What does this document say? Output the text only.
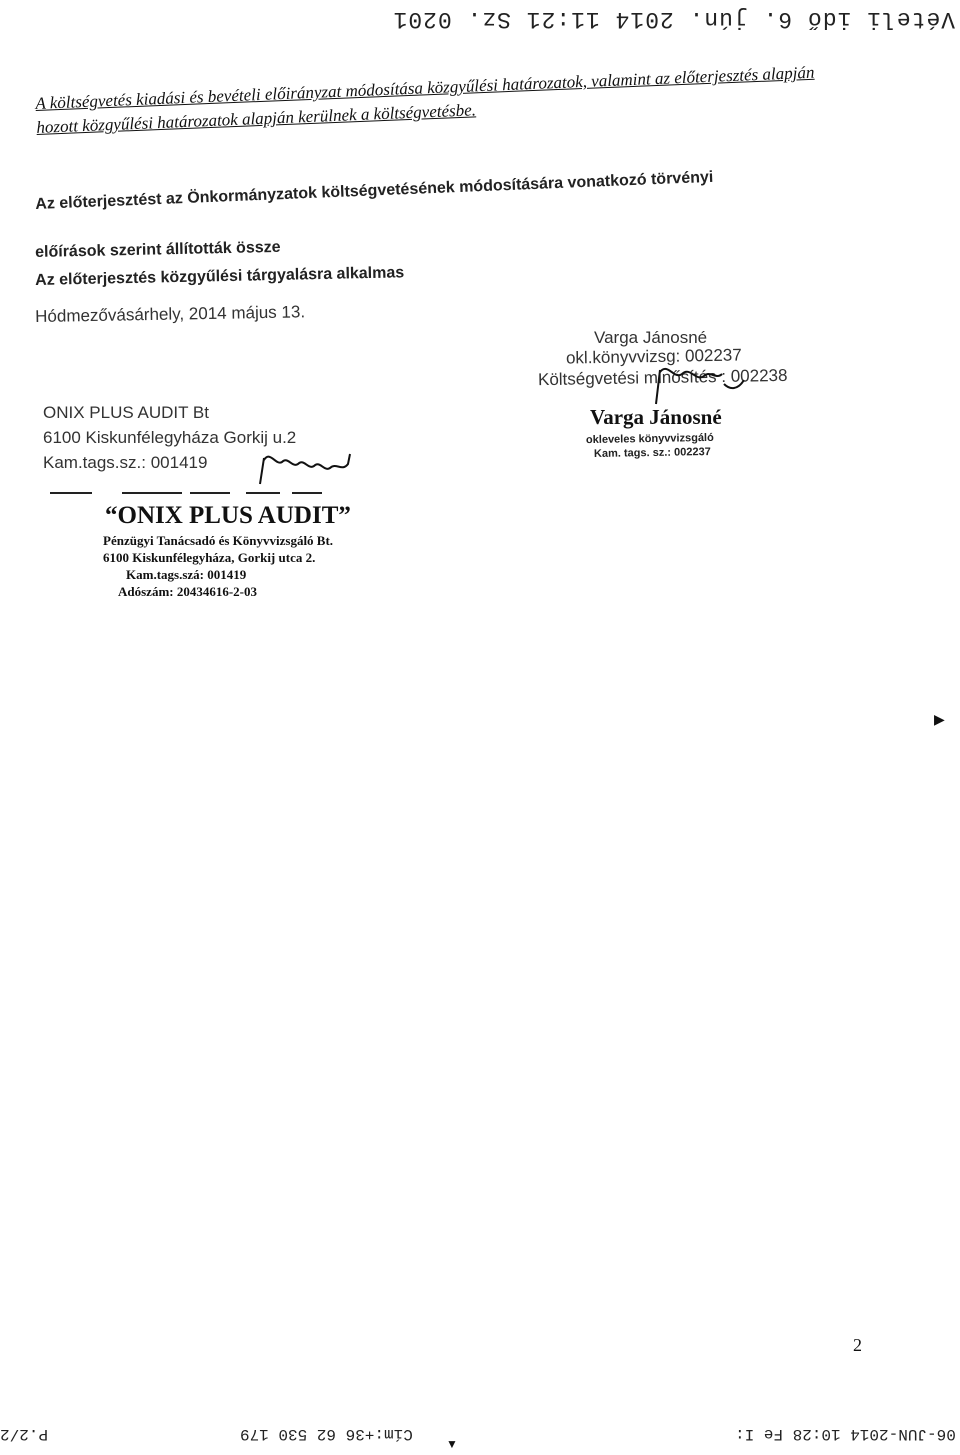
Vételi idő 6. jún. 2014 11:21 Sz. 0201
A költségvetés kiadási és bevételi előirányzat módosítása közgyűlési határozatok, valamint az előterjesztés alapján hozott közgyűlési határozatok alapján kerülnek a költségvetésbe.
Az előterjesztést az Önkormányzatok költségvetésének módosítására vonatkozó törvényi
előírások szerint állították össze
Az előterjesztés közgyűlési tárgyalásra alkalmas
Hódmezővásárhely, 2014 május 13.
ONIX PLUS AUDIT Bt
6100 Kiskunfélegyháza Gorkij u.2
Kam.tags.sz.: 001419
“ONIX PLUS AUDIT”
Pénzügyi Tanácsadó és Könyvvizsgáló Bt.
6100 Kiskunfélegyháza, Gorkij utca 2.
Kam.tags.szá: 001419
Adószám: 20434616-2-03
Varga Jánosné
okl.könyvvizsg: 002237
Költségvetési minősítés : 002238
Varga Jánosné
okleveles könyvvizsgáló
Kam. tags. sz.: 002237
▶
2
P.2/2	Cím:+36 62 530 179	06-JUN-2014 10:28 Fe I:
▼
